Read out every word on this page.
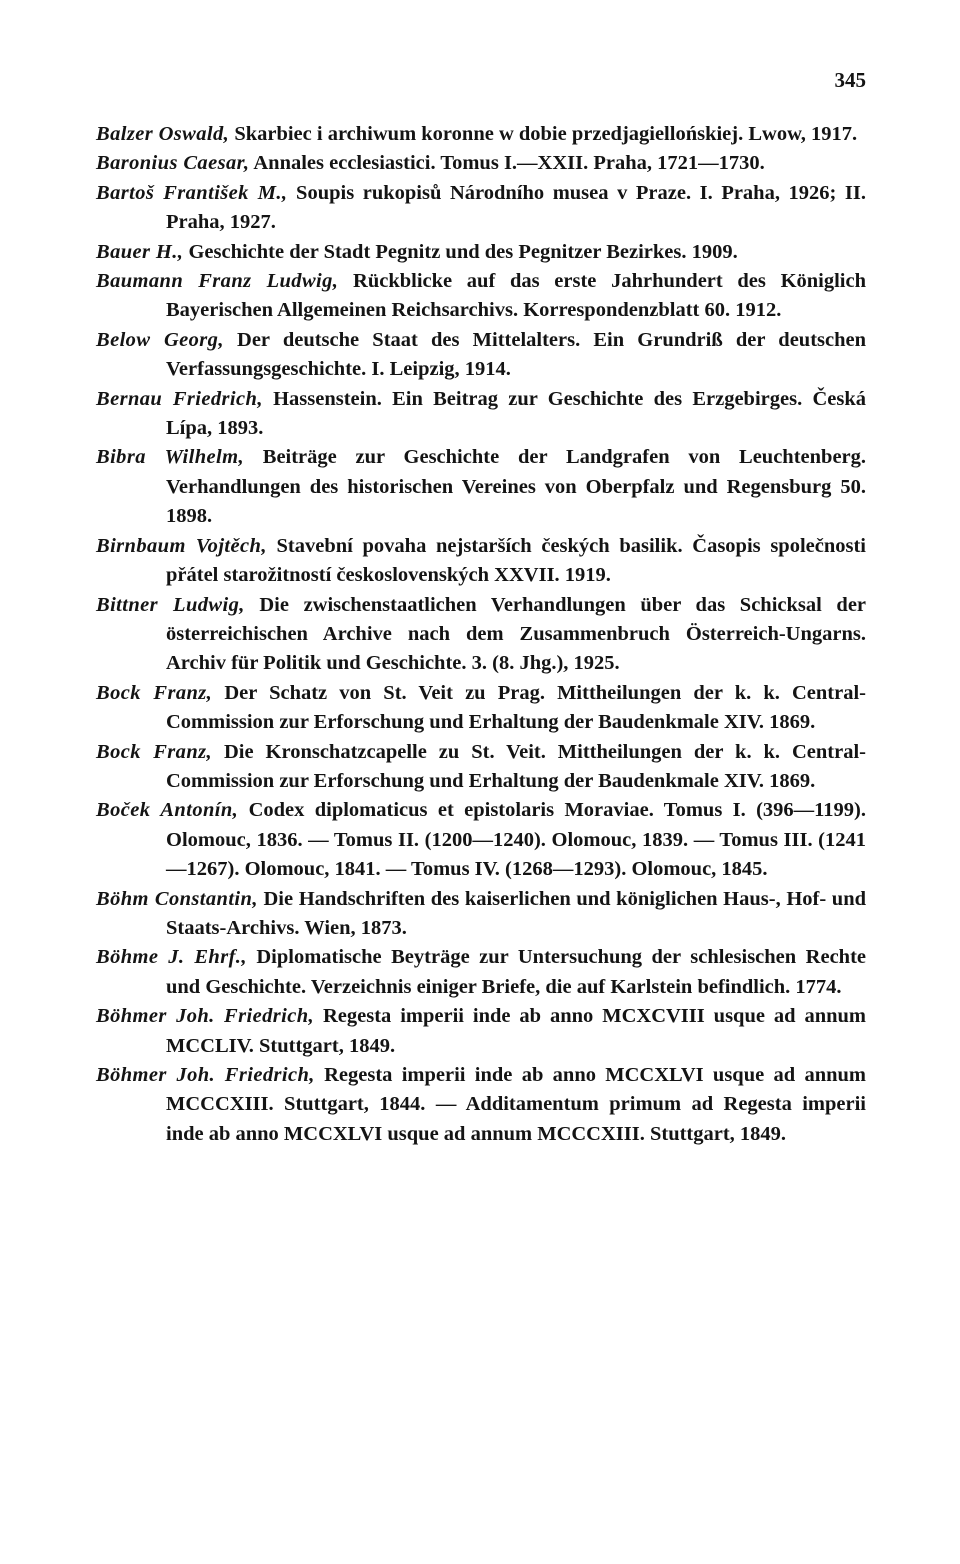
345

Balzer Oswald, Skarbiec i archiwum koronne w dobie przedjagiellońskiej. Lwow, 1917.

Baronius Caesar, Annales ecclesiastici. Tomus I.—XXII. Praha, 1721—1730.

Bartoš František M., Soupis rukopisů Národního musea v Praze. I. Praha, 1926; II. Praha, 1927.

Bauer H., Geschichte der Stadt Pegnitz und des Pegnitzer Bezirkes. 1909.

Baumann Franz Ludwig, Rückblicke auf das erste Jahrhundert des Königlich Bayerischen Allgemeinen Reichsarchivs. Korrespondenzblatt 60. 1912.

Below Georg, Der deutsche Staat des Mittelalters. Ein Grundriß der deutschen Verfassungsgeschichte. I. Leipzig, 1914.

Bernau Friedrich, Hassenstein. Ein Beitrag zur Geschichte des Erzgebirges. Česká Lípa, 1893.

Bibra Wilhelm, Beiträge zur Geschichte der Landgrafen von Leuchtenberg. Verhandlungen des historischen Vereines von Oberpfalz und Regensburg 50. 1898.

Birnbaum Vojtěch, Stavební povaha nejstarších českých basilik. Časopis společnosti přátel starožitností československých XXVII. 1919.

Bittner Ludwig, Die zwischenstaatlichen Verhandlungen über das Schicksal der österreichischen Archive nach dem Zusammenbruch Österreich-Ungarns. Archiv für Politik und Geschichte. 3. (8. Jhg.), 1925.

Bock Franz, Der Schatz von St. Veit zu Prag. Mittheilungen der k. k. Central-Commission zur Erforschung und Erhaltung der Baudenkmale XIV. 1869.

Bock Franz, Die Kronschatzcapelle zu St. Veit. Mittheilungen der k. k. Central-Commission zur Erforschung und Erhaltung der Baudenkmale XIV. 1869.

Boček Antonín, Codex diplomaticus et epistolaris Moraviae. Tomus I. (396—1199). Olomouc, 1836. — Tomus II. (1200—1240). Olomouc, 1839. — Tomus III. (1241—1267). Olomouc, 1841. — Tomus IV. (1268—1293). Olomouc, 1845.

Böhm Constantin, Die Handschriften des kaiserlichen und königlichen Haus-, Hof- und Staats-Archivs. Wien, 1873.

Böhme J. Ehrf., Diplomatische Beyträge zur Untersuchung der schlesischen Rechte und Geschichte. Verzeichnis einiger Briefe, die auf Karlstein befindlich. 1774.

Böhmer Joh. Friedrich, Regesta imperii inde ab anno MCXCVIII usque ad annum MCCLIV. Stuttgart, 1849.

Böhmer Joh. Friedrich, Regesta imperii inde ab anno MCCXLVI usque ad annum MCCCXIII. Stuttgart, 1844. — Additamentum primum ad Regesta imperii inde ab anno MCCXLVI usque ad annum MCCCXIII. Stuttgart, 1849.
